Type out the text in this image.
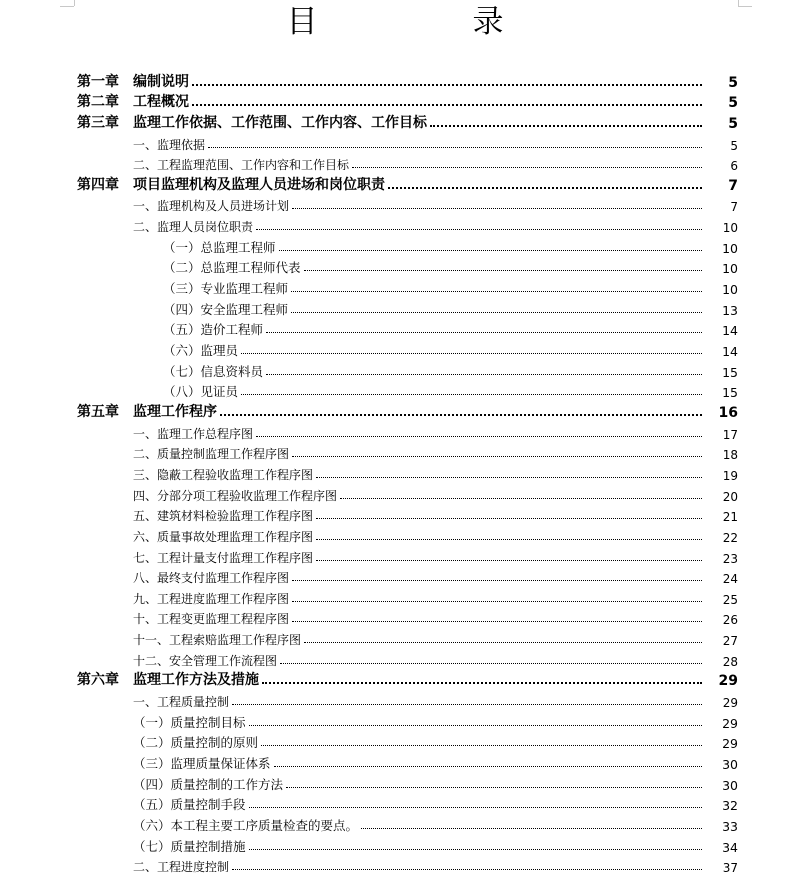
目　录
第一章　编制说明	5
第二章　工程概况	5
第三章　监理工作依据、工作范围、工作内容、工作目标	5
一、监理依据	5
二、工程监理范围、工作内容和工作目标	6
第四章　项目监理机构及监理人员进场和岗位职责	7
一、监理机构及人员进场计划	7
二、监理人员岗位职责	10
（一）总监理工程师	10
（二）总监理工程师代表	10
（三）专业监理工程师	10
（四）安全监理工程师	13
（五）造价工程师	14
（六）监理员	14
（七）信息资料员	15
（八）见证员	15
第五章　监理工作程序	16
一、监理工作总程序图	17
二、质量控制监理工作程序图	18
三、隐蔽工程验收监理工作程序图	19
四、分部分项工程验收监理工作程序图	20
五、建筑材料检验监理工作程序图	21
六、质量事故处理监理工作程序图	22
七、工程计量支付监理工作程序图	23
八、最终支付监理工作程序图	24
九、工程进度监理工作程序图	25
十、工程变更监理工程程序图	26
十一、工程索赔监理工作程序图	27
十二、安全管理工作流程图	28
第六章　监理工作方法及措施	29
一、工程质量控制	29
（一）质量控制目标	29
（二）质量控制的原则	29
（三）监理质量保证体系	30
（四）质量控制的工作方法	30
（五）质量控制手段	32
（六）本工程主要工序质量检查的要点。	33
（七）质量控制措施	34
二、工程进度控制	37
